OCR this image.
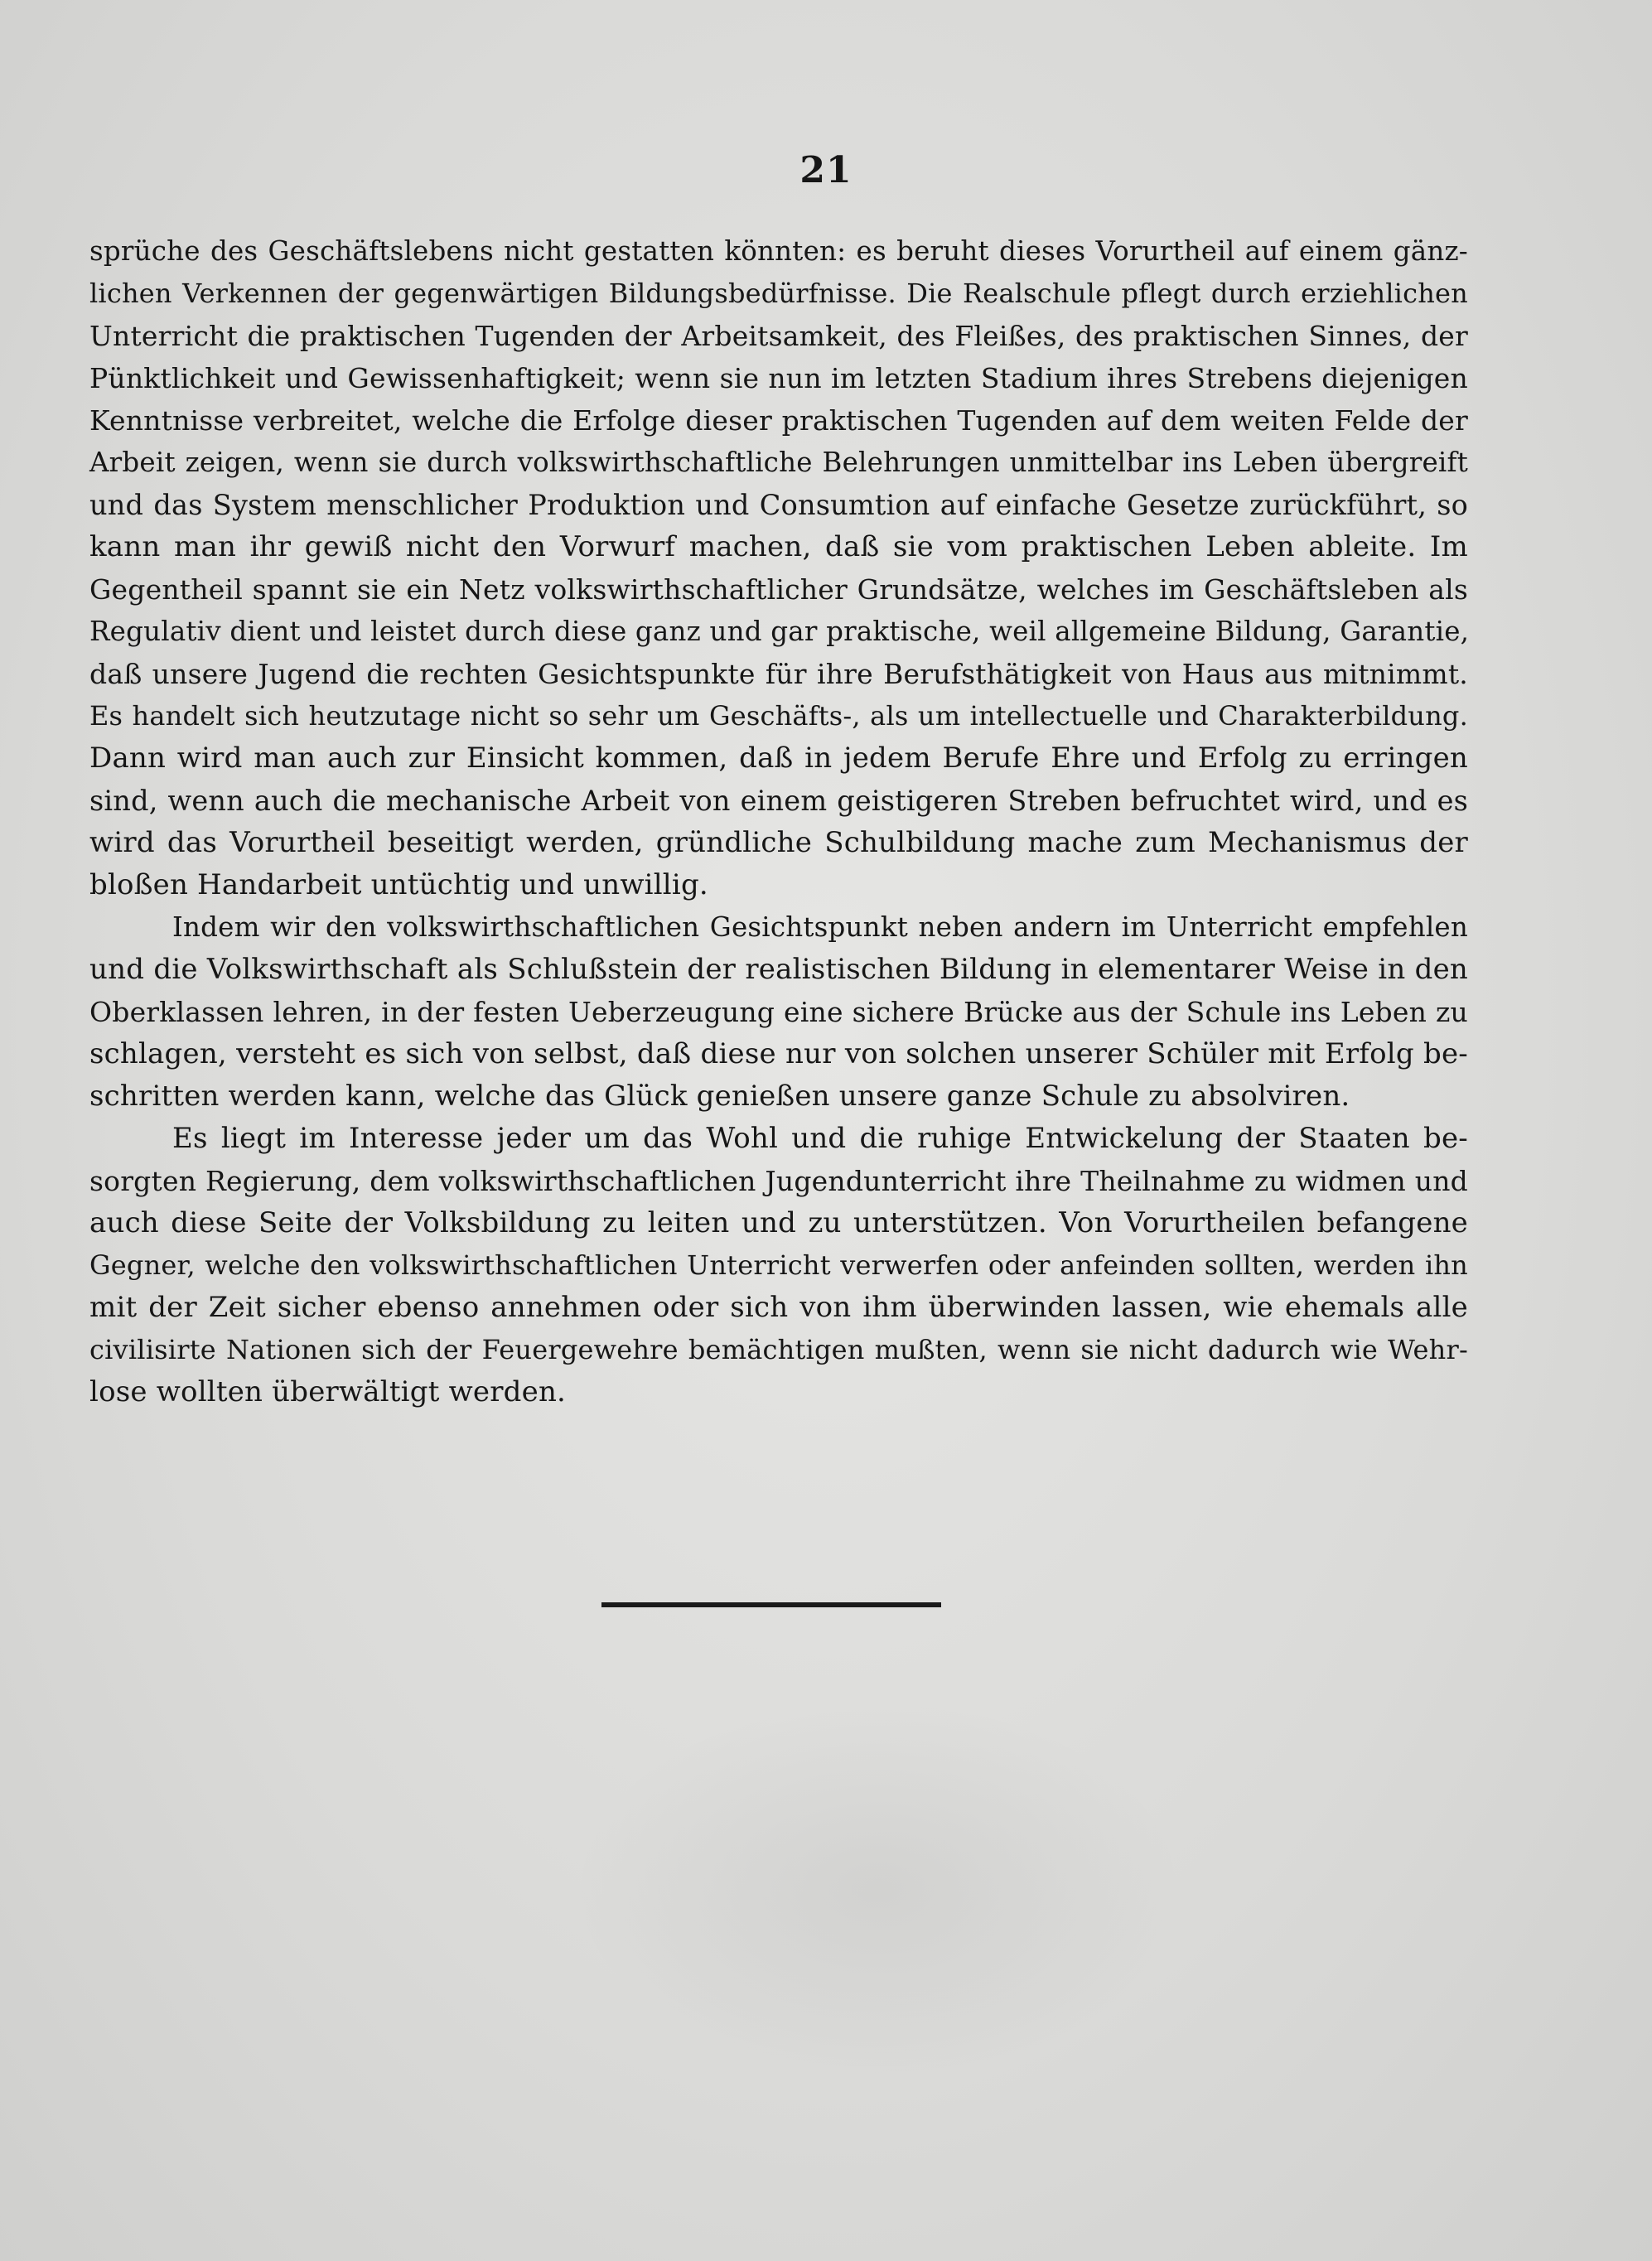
21
sprüche des Geschäftslebens nicht gestatten könnten: es beruht dieses Vorurtheil auf einem gänz-
lichen Verkennen der gegenwärtigen Bildungsbedürfnisse. Die Realschule pflegt durch erziehlichen
Unterricht die praktischen Tugenden der Arbeitsamkeit, des Fleißes, des praktischen Sinnes, der
Pünktlichkeit und Gewissenhaftigkeit; wenn sie nun im letzten Stadium ihres Strebens diejenigen
Kenntnisse verbreitet, welche die Erfolge dieser praktischen Tugenden auf dem weiten Felde der
Arbeit zeigen, wenn sie durch volkswirthschaftliche Belehrungen unmittelbar ins Leben übergreift
und das System menschlicher Produktion und Consumtion auf einfache Gesetze zurückführt, so
kann man ihr gewiß nicht den Vorwurf machen, daß sie vom praktischen Leben ableite. Im
Gegentheil spannt sie ein Netz volkswirthschaftlicher Grundsätze, welches im Geschäftsleben als
Regulativ dient und leistet durch diese ganz und gar praktische, weil allgemeine Bildung, Garantie,
daß unsere Jugend die rechten Gesichtspunkte für ihre Berufsthätigkeit von Haus aus mitnimmt.
Es handelt sich heutzutage nicht so sehr um Geschäfts-, als um intellectuelle und Charakterbildung.
Dann wird man auch zur Einsicht kommen, daß in jedem Berufe Ehre und Erfolg zu erringen
sind, wenn auch die mechanische Arbeit von einem geistigeren Streben befruchtet wird, und es
wird das Vorurtheil beseitigt werden, gründliche Schulbildung mache zum Mechanismus der
bloßen Handarbeit untüchtig und unwillig.
Indem wir den volkswirthschaftlichen Gesichtspunkt neben andern im Unterricht empfehlen
und die Volkswirthschaft als Schlußstein der realistischen Bildung in elementarer Weise in den
Oberklassen lehren, in der festen Ueberzeugung eine sichere Brücke aus der Schule ins Leben zu
schlagen, versteht es sich von selbst, daß diese nur von solchen unserer Schüler mit Erfolg be-
schritten werden kann, welche das Glück genießen unsere ganze Schule zu absolviren.
Es liegt im Interesse jeder um das Wohl und die ruhige Entwickelung der Staaten be-
sorgten Regierung, dem volkswirthschaftlichen Jugendunterricht ihre Theilnahme zu widmen und
auch diese Seite der Volksbildung zu leiten und zu unterstützen. Von Vorurtheilen befangene
Gegner, welche den volkswirthschaftlichen Unterricht verwerfen oder anfeinden sollten, werden ihn
mit der Zeit sicher ebenso annehmen oder sich von ihm überwinden lassen, wie ehemals alle
civilisirte Nationen sich der Feuergewehre bemächtigen mußten, wenn sie nicht dadurch wie Wehr-
lose wollten überwältigt werden.
